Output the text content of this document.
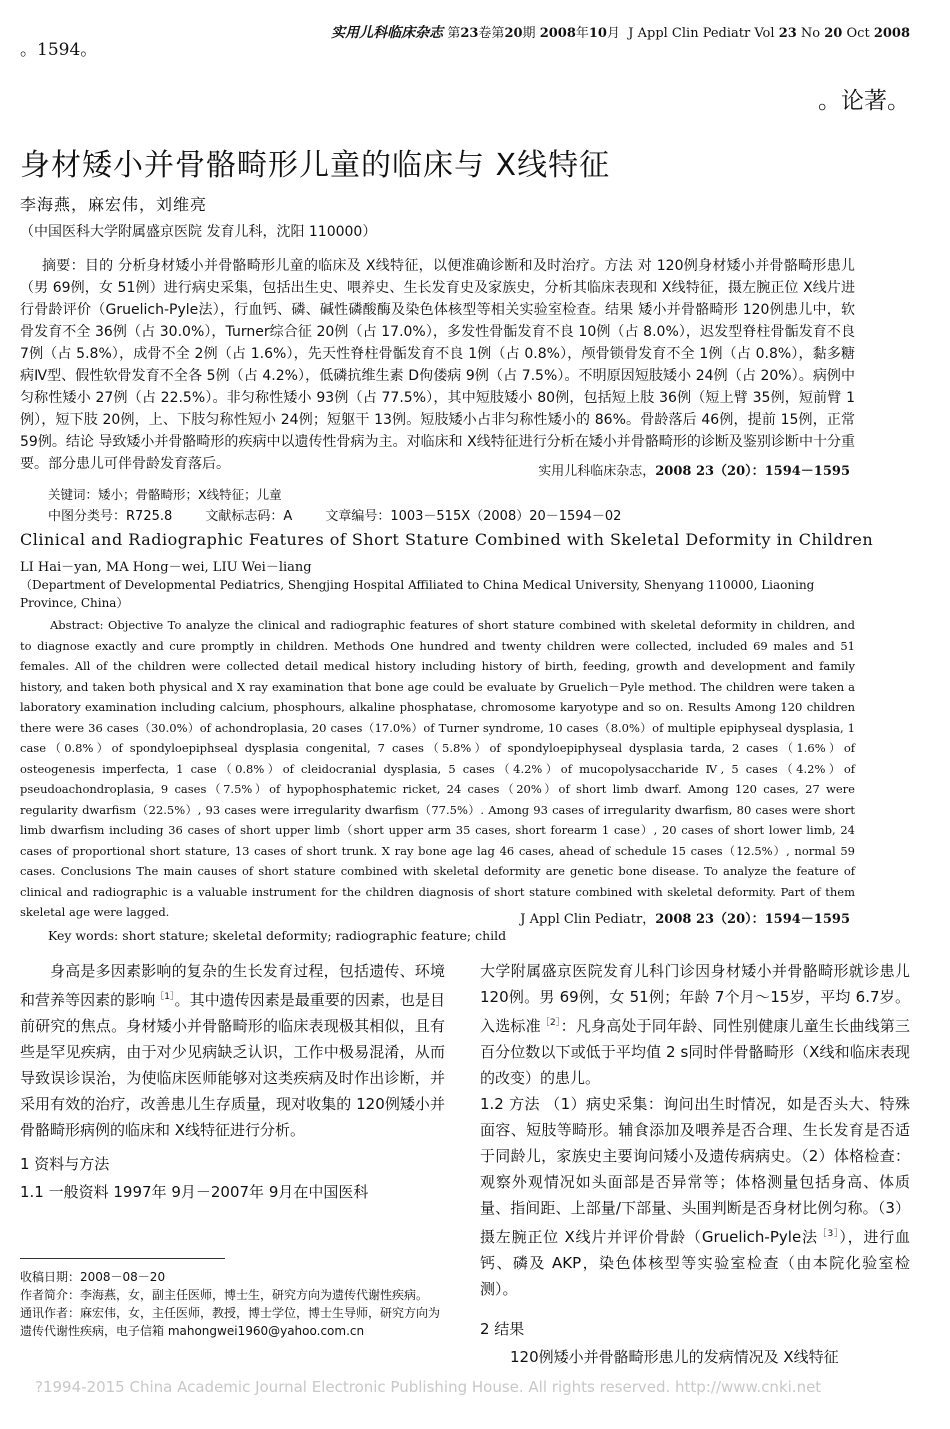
。1594。
实用儿科临床杂志 第23卷第20期 2008年10月 J Appl Clin Pediatr Vol 23 No 20 Oct 2008
。论著。
身材矮小并骨骼畸形儿童的临床与 X线特征
李海燕，麻宏伟，刘维亮
（中国医科大学附属盛京医院 发育儿科，沈阳 110000）
摘要：目的 分析身材矮小并骨骼畸形儿童的临床及 X线特征，以便准确诊断和及时治疗。方法 对 120例身材矮小并骨骼畸形患儿（男 69例，女 51例）进行病史采集，包括出生史、喂养史、生长发育史及家族史，分析其临床表现和 X线特征，摄左腕正位 X线片进行骨龄评价（Gruelich-Pyle法），行血钙、磷、碱性磷酸酶及染色体核型等相关实验室检查。结果 矮小并骨骼畸形 120例患儿中，软骨发育不全 36例（占 30.0%），Turner综合征 20例（占 17.0%），多发性骨骺发育不良 10例（占 8.0%），迟发型脊柱骨骺发育不良 7例（占 5.8%），成骨不全 2例（占 1.6%），先天性脊柱骨骺发育不良 1例（占 0.8%），颅骨锁骨发育不全 1例（占 0.8%），黏多糖病Ⅳ型、假性软骨发育不全各 5例（占 4.2%），低磷抗维生素 D佝偻病 9例（占 7.5%）。不明原因短肢矮小 24例（占 20%）。病例中匀称性矮小 27例（占 22.5%）。非匀称性矮小 93例（占 77.5%），其中短肢矮小 80例，包括短上肢 36例（短上臂 35例，短前臂 1例），短下肢 20例，上、下肢匀称性短小 24例；短躯干 13例。短肢矮小占非匀称性矮小的 86%。骨龄落后 46例，提前 15例，正常 59例。结论 导致矮小并骨骼畸形的疾病中以遗传性骨病为主。对临床和 X线特征进行分析在矮小并骨骼畸形的诊断及鉴别诊断中十分重要。部分患儿可伴骨龄发育落后。	实用儿科临床杂志，2008 23（20）：1594－1595
关键词：矮小；骨骼畸形；X线特征；儿童
中图分类号：R725.8	文献标志码：A	文章编号：1003－515X（2008）20－1594－02
Clinical and Radiographic Features of Short Stature Combined with Skeletal Deformity in Children
LI Hai－yan, MA Hong－wei, LIU Wei－liang
（Department of Developmental Pediatrics, Shengjing Hospital Affiliated to China Medical University, Shenyang 110000, Liaoning Province, China）
Abstract: Objective To analyze the clinical and radiographic features of short stature combined with skeletal deformity in children, and to diagnose exactly and cure promptly in children. Methods One hundred and twenty children were collected, included 69 males and 51 females. All of the children were collected detail medical history including history of birth, feeding, growth and development and family history, and taken both physical and X ray examination that bone age could be evaluate by Gruelich－Pyle method. The children were taken a laboratory examination including calcium, phosphours, alkaline phosphatase, chromosome karyotype and so on. Results Among 120 children there were 36 cases（30.0%）of achondroplasia, 20 cases（17.0%）of Turner syndrome, 10 cases（8.0%）of multiple epiphyseal dysplasia, 1 case（0.8%）of spondyloepiphseal dysplasia congenital, 7 cases（5.8%）of spondyloepiphyseal dysplasia tarda, 2 cases（1.6%）of osteogenesis imperfecta, 1 case（0.8%）of cleidocranial dysplasia, 5 cases（4.2%）of mucopolysaccharide Ⅳ, 5 cases（4.2%）of pseudoachondroplasia, 9 cases（7.5%）of hypophosphatemic ricket, 24 cases（20%）of short limb dwarf. Among 120 cases, 27 were regularity dwarfism（22.5%）, 93 cases were irregularity dwarfism（77.5%）. Among 93 cases of irregularity dwarfism, 80 cases were short limb dwarfism including 36 cases of short upper limb（short upper arm 35 cases, short forearm 1 case）, 20 cases of short lower limb, 24 cases of proportional short stature, 13 cases of short trunk. X ray bone age lag 46 cases, ahead of schedule 15 cases（12.5%）, normal 59 cases. Conclusions The main causes of short stature combined with skeletal deformity are genetic bone disease. To analyze the feature of clinical and radiographic is a valuable instrument for the children diagnosis of short stature combined with skeletal deformity. Part of them skeletal age were lagged.	J Appl Clin Pediatr，2008 23（20）：1594－1595
Key words: short stature; skeletal deformity; radiographic feature; child

身高是多因素影响的复杂的生长发育过程，包括遗传、环境和营养等因素的影响$^{[1]}$。其中遗传因素是最重要的因素，也是目前研究的焦点。身材矮小并骨骼畸形的临床表现极其相似，且有些是罕见疾病，由于对少见病缺乏认识，工作中极易混淆，从而导致误诊误治，为使临床医师能够对这类疾病及时作出诊断，并采用有效的治疗，改善患儿生存质量，现对收集的 120例矮小并骨骼畸形病例的临床和 X线特征进行分析。

1 资料与方法

1.1 一般资料 1997年 9月－2007年 9月在中国医科

大学附属盛京医院发育儿科门诊因身材矮小并骨骼畸形就诊患儿 120例。男 69例，女 51例；年龄 7个月～15岁，平均 6.7岁。入选标准$^{[2]}$：凡身高处于同年龄、同性别健康儿童生长曲线第三百分位数以下或低于平均值 2 s同时伴骨骼畸形（X线和临床表现的改变）的患儿。

1.2 方法 （1）病史采集：询问出生时情况，如是否头大、特殊面容、短肢等畸形。辅食添加及喂养是否合理、生长发育是否适于同龄儿，家族史主要询问矮小及遗传病病史。（2）体格检查：观察外观情况如头面部是否异常等；体格测量包括身高、体质量、指间距、上部量/下部量、头围判断是否身材比例匀称。（3）摄左腕正位 X线片并评价骨龄（Gruelich-Pyle法$^{[3]}$），进行血钙、磷及 AKP，染色体核型等实验室检查（由本院化验室检测）。

2 结果

120例矮小并骨骼畸形患儿的发病情况及 X线特征

收稿日期：2008－08－20

作者简介：李海燕，女，副主任医师，博士生，研究方向为遗传代谢性疾病。

通讯作者：麻宏伟，女，主任医师，教授，博士学位，博士生导师，研究方向为遗传代谢性疾病，电子信箱 mahongwei1960@yahoo.com.cn

?1994-2015 China Academic Journal Electronic Publishing House. All rights reserved. http://www.cnki.net
